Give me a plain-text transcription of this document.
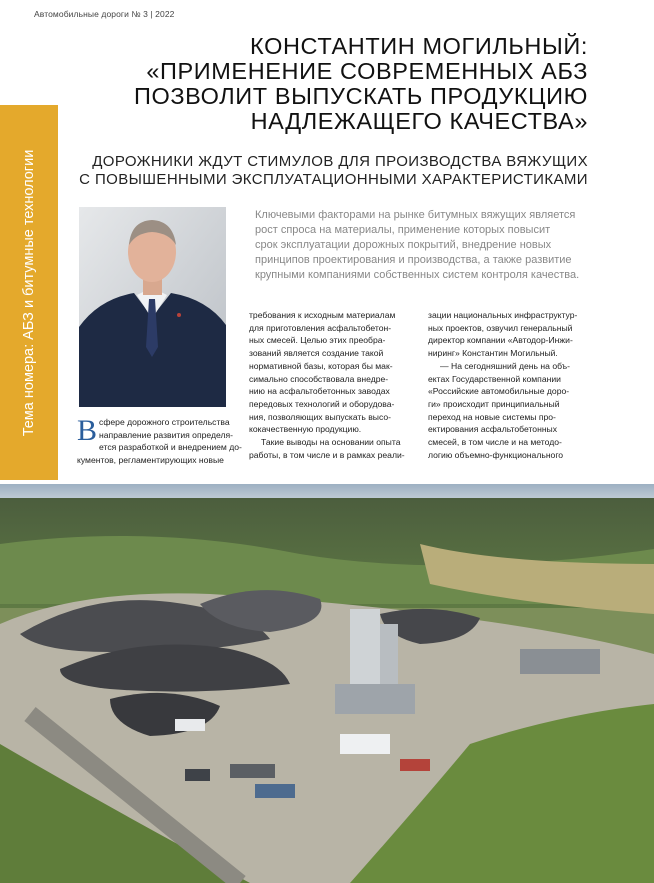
Автомобильные дороги № 3 | 2022
Тема номера: АБЗ и битумные технологии
КОНСТАНТИН МОГИЛЬНЫЙ:
«ПРИМЕНЕНИЕ СОВРЕМЕННЫХ АБЗ
ПОЗВОЛИТ ВЫПУСКАТЬ ПРОДУКЦИЮ
НАДЛЕЖАЩЕГО КАЧЕСТВА»
ДОРОЖНИКИ ЖДУТ СТИМУЛОВ ДЛЯ ПРОИЗВОДСТВА ВЯЖУЩИХ
С ПОВЫШЕННЫМИ ЭКСПЛУАТАЦИОННЫМИ ХАРАКТЕРИСТИКАМИ
Ключевыми факторами на рынке битумных вяжущих является
рост спроса на материалы, применение которых повысит
срок эксплуатации дорожных покрытий, внедрение новых
принципов проектирования и производства, а также развитие
крупными компаниями собственных систем контроля качества.
В сфере дорожного строительства
направление развития определя-
ется разработкой и внедрением до-
кументов, регламентирующих новые
требования к исходным материалам
для приготовления асфальтобетон-
ных смесей. Целью этих преобра-
зований является создание такой
нормативной базы, которая бы мак-
симально способствовала внедре-
нию на асфальтобетонных заводах
передовых технологий и оборудова-
ния, позволяющих выпускать высо-
кокачественную продукцию.
Такие выводы на основании опыта
работы, в том числе и в рамках реали-
зации национальных инфраструктур-
ных проектов, озвучил генеральный
директор компании «Автодор-Инжи-
ниринг» Константин Могильный.
— На сегодняшний день на объ-
ектах Государственной компании
«Российские автомобильные доро-
ги» происходит принципиальный
переход на новые системы про-
ектирования асфальтобетонных
смесей, в том числе и на методо-
логию объемно-функционального
